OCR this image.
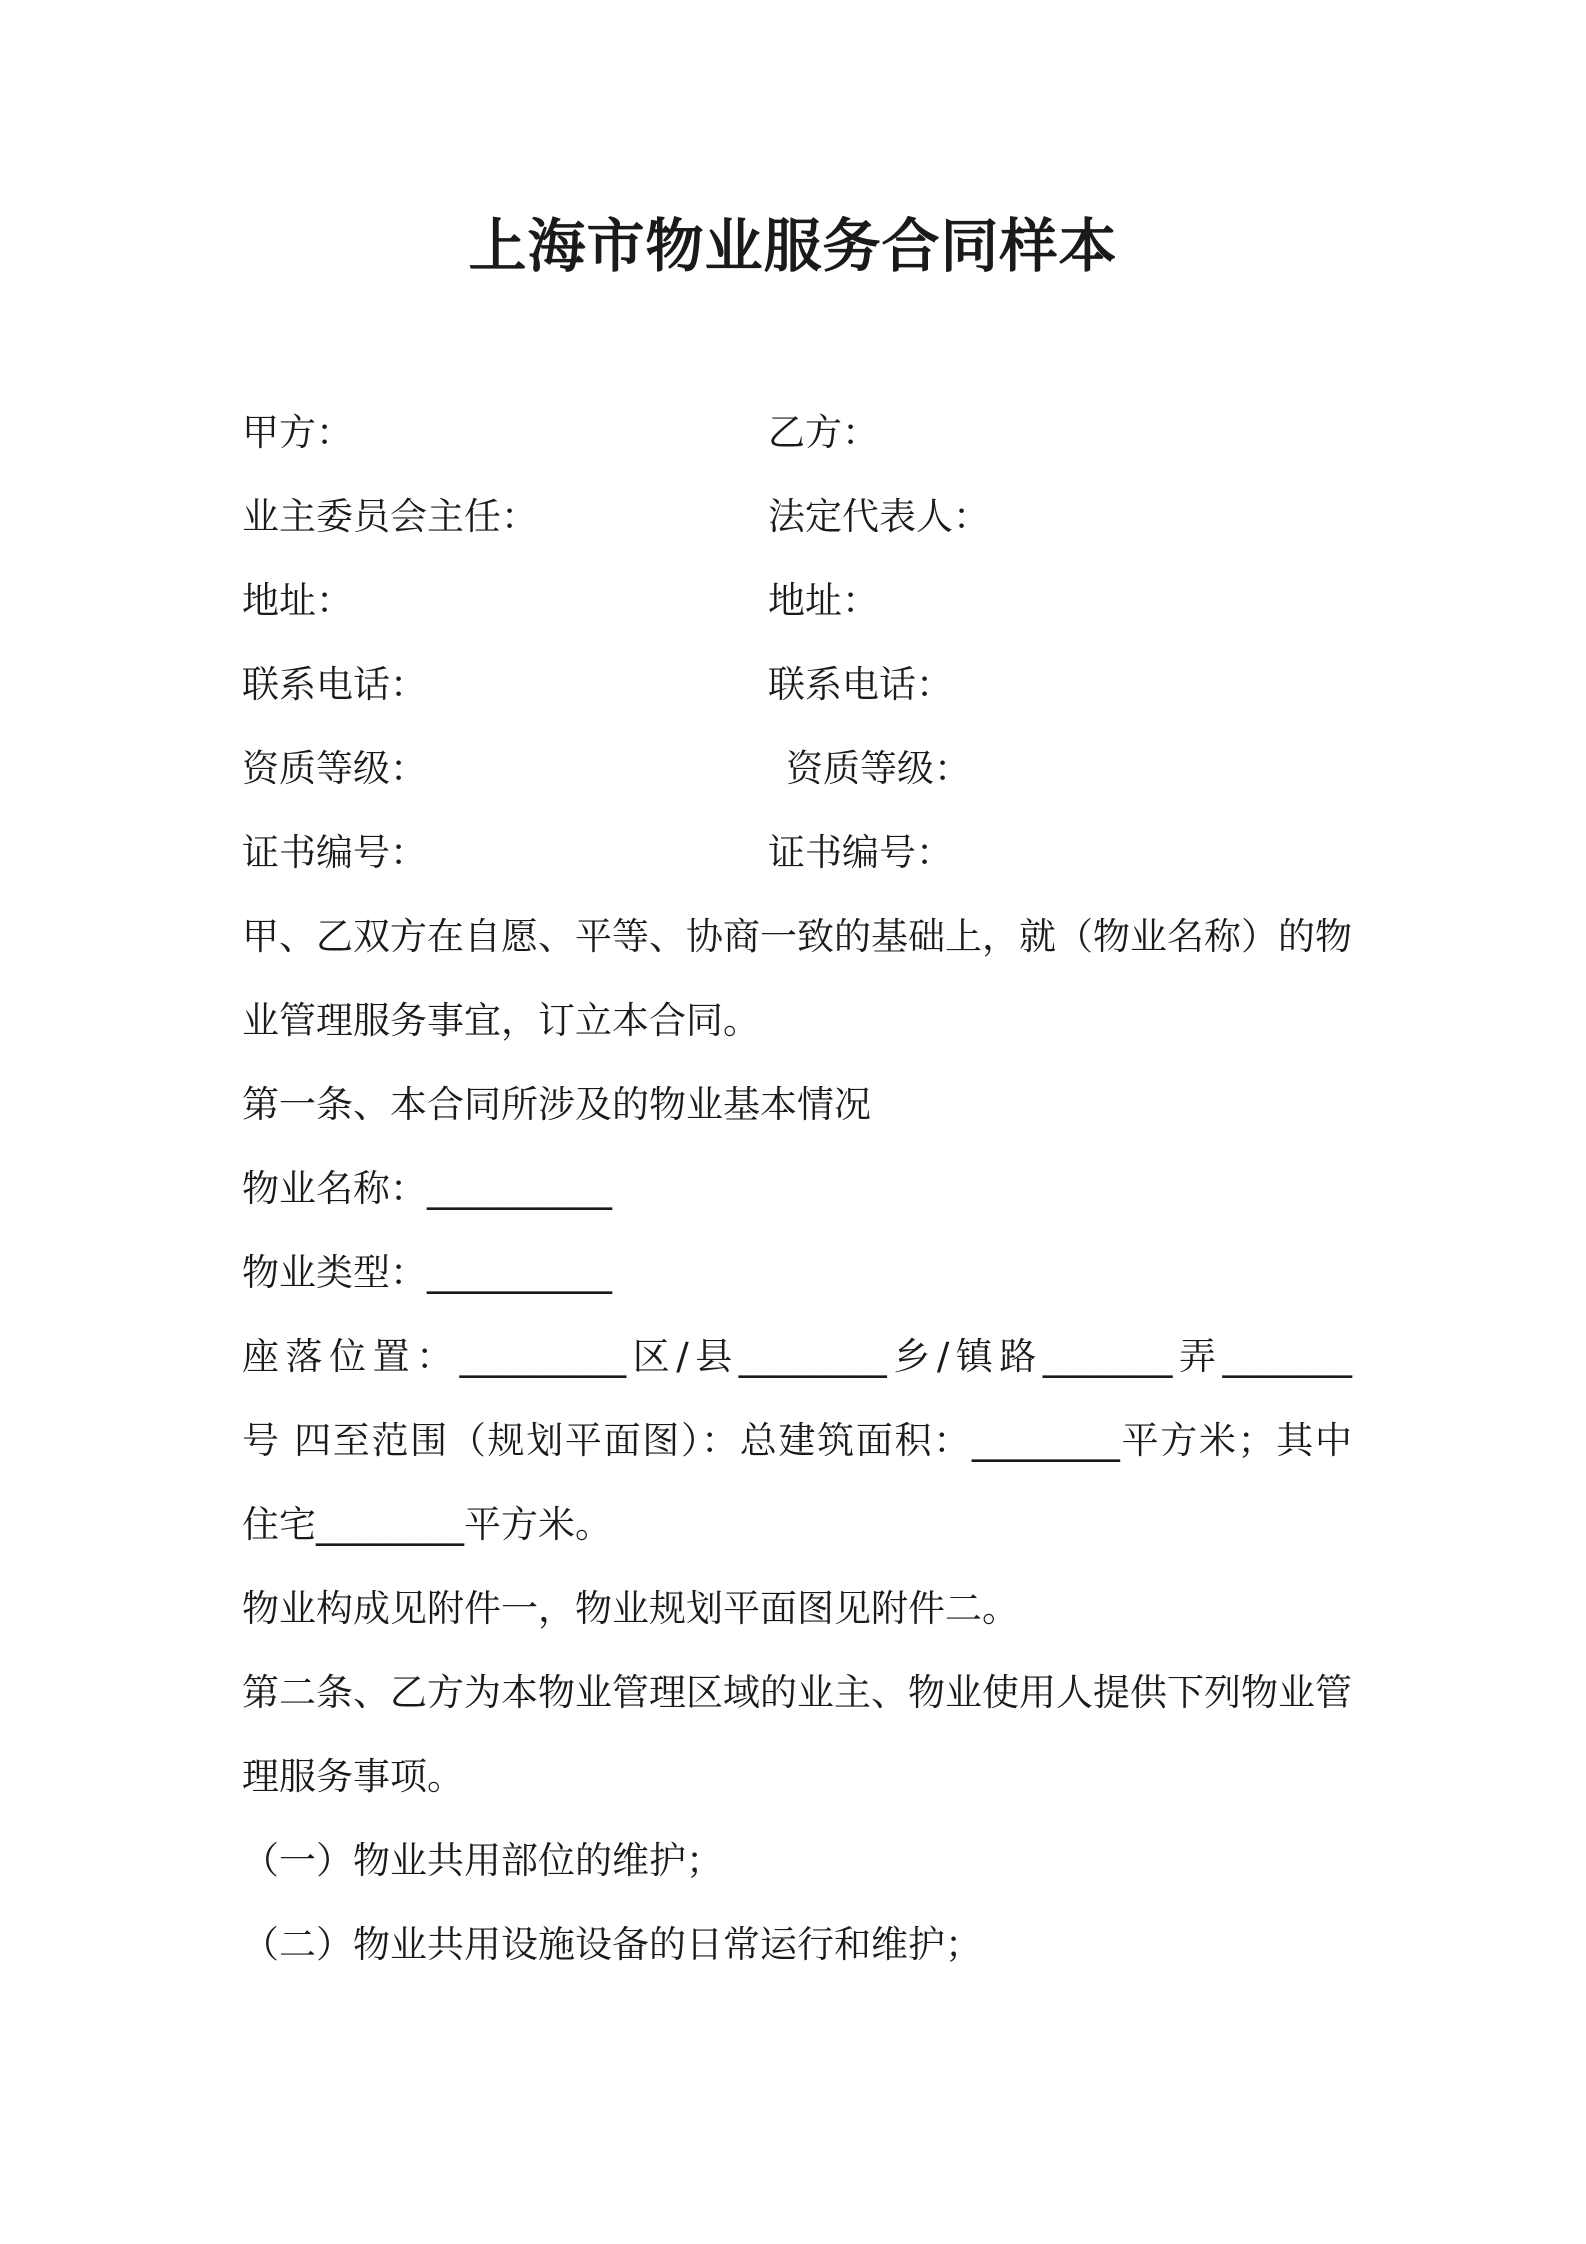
上海市物业服务合同样本
甲方：	乙方：
业主委员会主任：	法定代表人：
地址：	地址：
联系电话：	联系电话：
资质等级：	资质等级：
证书编号：	证书编号：
甲、乙双方在自愿、平等、协商一致的基础上，就（物业名称）的物
业管理服务事宜，订立本合同。
第一条、本合同所涉及的物业基本情况
物业名称：__________
物业类型：__________
座落位置：_________区/县________乡/镇路_______弄_______
号 四至范围（规划平面图）：总建筑面积：________平方米；其中
住宅________平方米。
物业构成见附件一，物业规划平面图见附件二。
第二条、乙方为本物业管理区域的业主、物业使用人提供下列物业管
理服务事项。
（一）物业共用部位的维护；
（二）物业共用设施设备的日常运行和维护；
